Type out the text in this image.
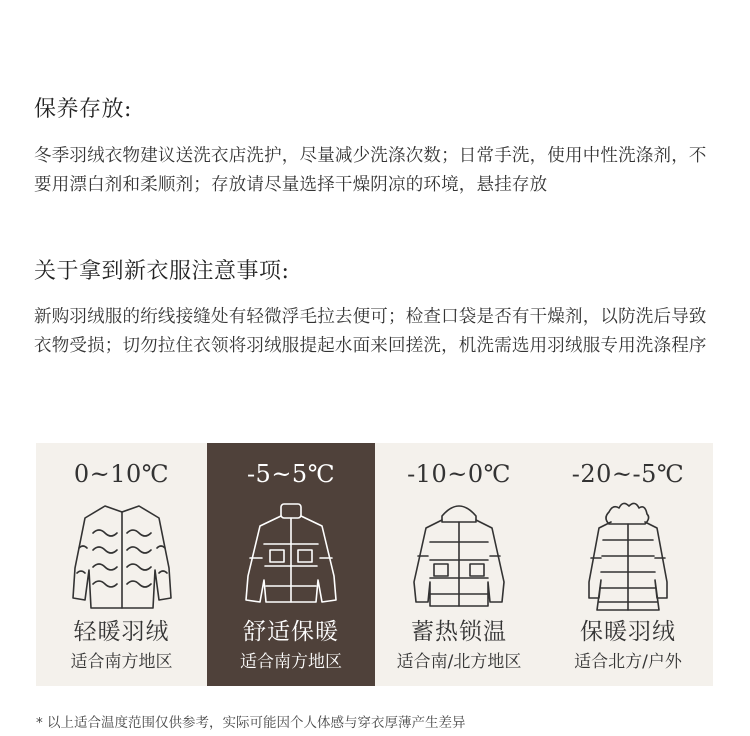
保养存放:

冬季羽绒衣物建议送洗衣店洗护，尽量减少洗涤次数；日常手洗，使用中性洗涤剂，不要用漂白剂和柔顺剂；存放请尽量选择干燥阴凉的环境，悬挂存放

关于拿到新衣服注意事项:

新购羽绒服的绗线接缝处有轻微浮毛拉去便可；检查口袋是否有干燥剂，以防洗后导致衣物受损；切勿拉住衣领将羽绒服提起水面来回搓洗，机洗需选用羽绒服专用洗涤程序

0~10℃
轻暖羽绒
适合南方地区
-5~5℃
舒适保暖
适合南方地区
-10~0℃
蓄热锁温
适合南/北方地区
-20~-5℃
保暖羽绒
适合北方/户外

* 以上适合温度范围仅供参考，实际可能因个人体感与穿衣厚薄产生差异
